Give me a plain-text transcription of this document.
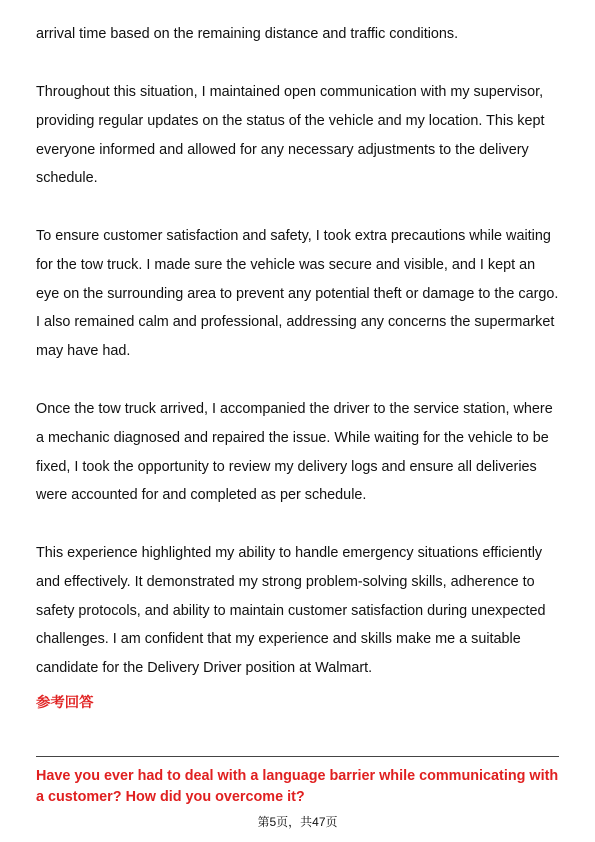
arrival time based on the remaining distance and traffic conditions.
Throughout this situation, I maintained open communication with my supervisor,
providing regular updates on the status of the vehicle and my location. This kept
everyone informed and allowed for any necessary adjustments to the delivery
schedule.
To ensure customer satisfaction and safety, I took extra precautions while waiting
for the tow truck. I made sure the vehicle was secure and visible, and I kept an
eye on the surrounding area to prevent any potential theft or damage to the cargo.
I also remained calm and professional, addressing any concerns the supermarket
may have had.
Once the tow truck arrived, I accompanied the driver to the service station, where
a mechanic diagnosed and repaired the issue. While waiting for the vehicle to be
fixed, I took the opportunity to review my delivery logs and ensure all deliveries
were accounted for and completed as per schedule.
This experience highlighted my ability to handle emergency situations efficiently
and effectively. It demonstrated my strong problem-solving skills, adherence to
safety protocols, and ability to maintain customer satisfaction during unexpected
challenges. I am confident that my experience and skills make me a suitable
candidate for the Delivery Driver position at Walmart.
参考回答
Have you ever had to deal with a language barrier while communicating with
a customer? How did you overcome it?
第5页，共47页
